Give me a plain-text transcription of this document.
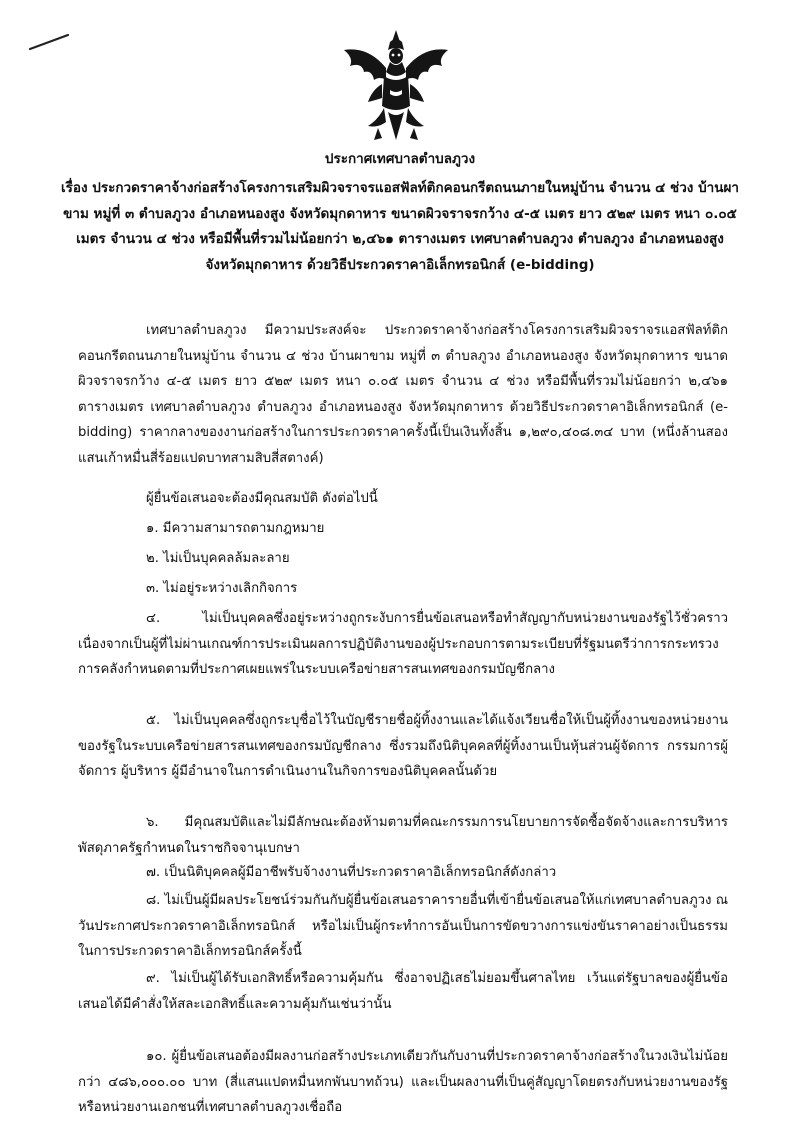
ประกาศเทศบาลตำบลภูวง
เรื่อง ประกวดราคาจ้างก่อสร้างโครงการเสริมผิวจราจรแอสฟัลท์ติกคอนกรีตถนนภายในหมู่บ้าน จำนวน ๔ ช่วง บ้านผาขาม หมู่ที่ ๓ ตำบลภูวง อำเภอหนองสูง จังหวัดมุกดาหาร ขนาดผิวจราจรกว้าง ๔-๕ เมตร ยาว ๕๒๙ เมตร หนา ๐.๐๕ เมตร จำนวน ๔ ช่วง หรือมีพื้นที่รวมไม่น้อยกว่า ๒,๔๖๑ ตารางเมตร เทศบาลตำบลภูวง ตำบลภูวง อำเภอหนองสูง จังหวัดมุกดาหาร ด้วยวิธีประกวดราคาอิเล็กทรอนิกส์ (e-bidding)
เทศบาลตำบลภูวง มีความประสงค์จะ ประกวดราคาจ้างก่อสร้างโครงการเสริมผิวจราจรแอสฟัลท์ติกคอนกรีตถนนภายในหมู่บ้าน จำนวน ๔ ช่วง บ้านผาขาม หมู่ที่ ๓ ตำบลภูวง อำเภอหนองสูง จังหวัดมุกดาหาร ขนาดผิวจราจรกว้าง ๔-๕ เมตร ยาว ๕๒๙ เมตร หนา ๐.๐๕ เมตร จำนวน ๔ ช่วง หรือมีพื้นที่รวมไม่น้อยกว่า ๒,๔๖๑ ตารางเมตร เทศบาลตำบลภูวง ตำบลภูวง อำเภอหนองสูง จังหวัดมุกดาหาร ด้วยวิธีประกวดราคาอิเล็กทรอนิกส์ (e-bidding) ราคากลางของงานก่อสร้างในการประกวดราคาครั้งนี้เป็นเงินทั้งสิ้น ๑,๒๙๐,๔๐๘.๓๔ บาท (หนึ่งล้านสองแสนเก้าหมื่นสี่ร้อยแปดบาทสามสิบสี่สตางค์)
ผู้ยื่นข้อเสนอจะต้องมีคุณสมบัติ ดังต่อไปนี้
๑. มีความสามารถตามกฎหมาย
๒. ไม่เป็นบุคคลล้มละลาย
๓. ไม่อยู่ระหว่างเลิกกิจการ
๔. ไม่เป็นบุคคลซึ่งอยู่ระหว่างถูกระงับการยื่นข้อเสนอหรือทำสัญญากับหน่วยงานของรัฐไว้ชั่วคราว เนื่องจากเป็นผู้ที่ไม่ผ่านเกณฑ์การประเมินผลการปฏิบัติงานของผู้ประกอบการตามระเบียบที่รัฐมนตรีว่าการกระทรวงการคลังกำหนดตามที่ประกาศเผยแพร่ในระบบเครือข่ายสารสนเทศของกรมบัญชีกลาง
๕. ไม่เป็นบุคคลซึ่งถูกระบุชื่อไว้ในบัญชีรายชื่อผู้ทิ้งงานและได้แจ้งเวียนชื่อให้เป็นผู้ทิ้งงานของหน่วยงานของรัฐในระบบเครือข่ายสารสนเทศของกรมบัญชีกลาง ซึ่งรวมถึงนิติบุคคลที่ผู้ทิ้งงานเป็นหุ้นส่วนผู้จัดการ กรรมการผู้จัดการ ผู้บริหาร ผู้มีอำนาจในการดำเนินงานในกิจการของนิติบุคคลนั้นด้วย
๖. มีคุณสมบัติและไม่มีลักษณะต้องห้ามตามที่คณะกรรมการนโยบายการจัดซื้อจัดจ้างและการบริหารพัสดุภาครัฐกำหนดในราชกิจจานุเบกษา
๗. เป็นนิติบุคคลผู้มีอาชีพรับจ้างงานที่ประกวดราคาอิเล็กทรอนิกส์ดังกล่าว
๘. ไม่เป็นผู้มีผลประโยชน์ร่วมกันกับผู้ยื่นข้อเสนอราคารายอื่นที่เข้ายื่นข้อเสนอให้แก่เทศบาลตำบลภูวง ณ วันประกาศประกวดราคาอิเล็กทรอนิกส์ หรือไม่เป็นผู้กระทำการอันเป็นการขัดขวางการแข่งขันราคาอย่างเป็นธรรม ในการประกวดราคาอิเล็กทรอนิกส์ครั้งนี้
๙. ไม่เป็นผู้ได้รับเอกสิทธิ์หรือความคุ้มกัน ซึ่งอาจปฏิเสธไม่ยอมขึ้นศาลไทย เว้นแต่รัฐบาลของผู้ยื่นข้อเสนอได้มีคำสั่งให้สละเอกสิทธิ์และความคุ้มกันเช่นว่านั้น
๑๐. ผู้ยื่นข้อเสนอต้องมีผลงานก่อสร้างประเภทเดียวกันกับงานที่ประกวดราคาจ้างก่อสร้างในวงเงินไม่น้อยกว่า ๔๘๖,๐๐๐.๐๐ บาท (สี่แสนแปดหมื่นหกพันบาทถ้วน) และเป็นผลงานที่เป็นคู่สัญญาโดยตรงกับหน่วยงานของรัฐ หรือหน่วยงานเอกชนที่เทศบาลตำบลภูวงเชื่อถือ
